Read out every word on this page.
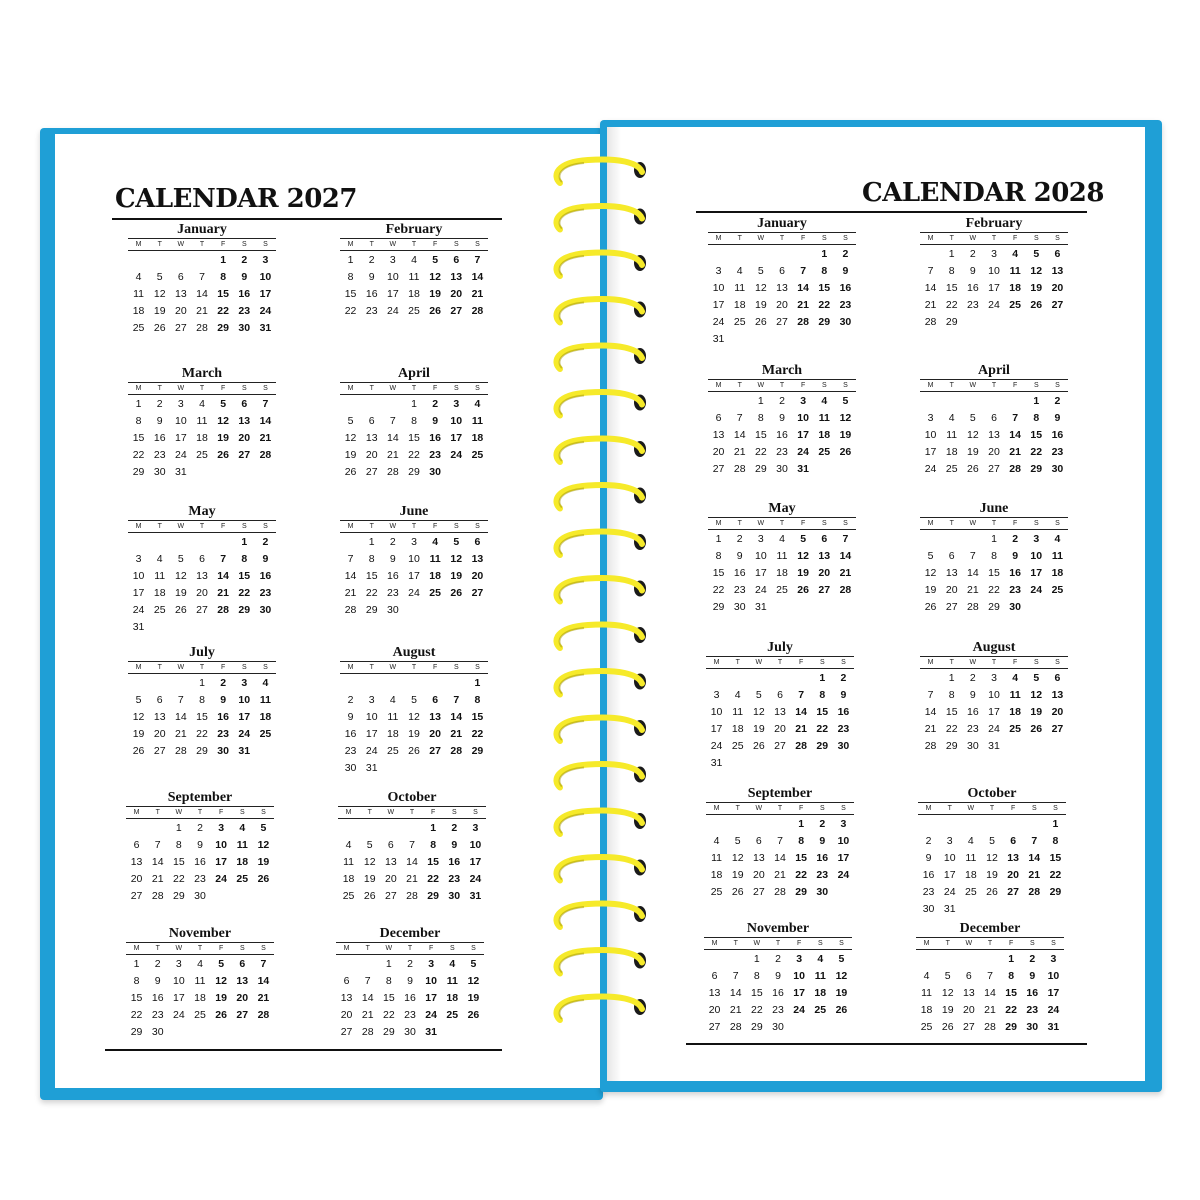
CALENDAR 2027	CALENDAR 2028
January
M	T	W	T	F	S	S
				1	2	3
4	5	6	7	8	9	10
11	12	13	14	15	16	17
18	19	20	21	22	23	24
25	26	27	28	29	30	31
February
M	T	W	T	F	S	S
1	2	3	4	5	6	7
8	9	10	11	12	13	14
15	16	17	18	19	20	21
22	23	24	25	26	27	28
March
M	T	W	T	F	S	S
1	2	3	4	5	6	7
8	9	10	11	12	13	14
15	16	17	18	19	20	21
22	23	24	25	26	27	28
29	30	31				
April
M	T	W	T	F	S	S
			1	2	3	4
5	6	7	8	9	10	11
12	13	14	15	16	17	18
19	20	21	22	23	24	25
26	27	28	29	30		
May
M	T	W	T	F	S	S
					1	2
3	4	5	6	7	8	9
10	11	12	13	14	15	16
17	18	19	20	21	22	23
24	25	26	27	28	29	30
31						
June
M	T	W	T	F	S	S
	1	2	3	4	5	6
7	8	9	10	11	12	13
14	15	16	17	18	19	20
21	22	23	24	25	26	27
28	29	30				
July
M	T	W	T	F	S	S
			1	2	3	4
5	6	7	8	9	10	11
12	13	14	15	16	17	18
19	20	21	22	23	24	25
26	27	28	29	30	31	
August
M	T	W	T	F	S	S
						1
2	3	4	5	6	7	8
9	10	11	12	13	14	15
16	17	18	19	20	21	22
23	24	25	26	27	28	29
30	31					
September
M	T	W	T	F	S	S
		1	2	3	4	5
6	7	8	9	10	11	12
13	14	15	16	17	18	19
20	21	22	23	24	25	26
27	28	29	30			
October
M	T	W	T	F	S	S
				1	2	3
4	5	6	7	8	9	10
11	12	13	14	15	16	17
18	19	20	21	22	23	24
25	26	27	28	29	30	31
November
M	T	W	T	F	S	S
1	2	3	4	5	6	7
8	9	10	11	12	13	14
15	16	17	18	19	20	21
22	23	24	25	26	27	28
29	30					
December
M	T	W	T	F	S	S
		1	2	3	4	5
6	7	8	9	10	11	12
13	14	15	16	17	18	19
20	21	22	23	24	25	26
27	28	29	30	31		
January
M	T	W	T	F	S	S
					1	2
3	4	5	6	7	8	9
10	11	12	13	14	15	16
17	18	19	20	21	22	23
24	25	26	27	28	29	30
31						
February
M	T	W	T	F	S	S
	1	2	3	4	5	6
7	8	9	10	11	12	13
14	15	16	17	18	19	20
21	22	23	24	25	26	27
28	29					
March
M	T	W	T	F	S	S
		1	2	3	4	5
6	7	8	9	10	11	12
13	14	15	16	17	18	19
20	21	22	23	24	25	26
27	28	29	30	31		
April
M	T	W	T	F	S	S
					1	2
3	4	5	6	7	8	9
10	11	12	13	14	15	16
17	18	19	20	21	22	23
24	25	26	27	28	29	30
May
M	T	W	T	F	S	S
1	2	3	4	5	6	7
8	9	10	11	12	13	14
15	16	17	18	19	20	21
22	23	24	25	26	27	28
29	30	31				
June
M	T	W	T	F	S	S
			1	2	3	4
5	6	7	8	9	10	11
12	13	14	15	16	17	18
19	20	21	22	23	24	25
26	27	28	29	30		
July
M	T	W	T	F	S	S
					1	2
3	4	5	6	7	8	9
10	11	12	13	14	15	16
17	18	19	20	21	22	23
24	25	26	27	28	29	30
31						
August
M	T	W	T	F	S	S
	1	2	3	4	5	6
7	8	9	10	11	12	13
14	15	16	17	18	19	20
21	22	23	24	25	26	27
28	29	30	31			
September
M	T	W	T	F	S	S
				1	2	3
4	5	6	7	8	9	10
11	12	13	14	15	16	17
18	19	20	21	22	23	24
25	26	27	28	29	30	
October
M	T	W	T	F	S	S
						1
2	3	4	5	6	7	8
9	10	11	12	13	14	15
16	17	18	19	20	21	22
23	24	25	26	27	28	29
30	31					
November
M	T	W	T	F	S	S
		1	2	3	4	5
6	7	8	9	10	11	12
13	14	15	16	17	18	19
20	21	22	23	24	25	26
27	28	29	30			
December
M	T	W	T	F	S	S
				1	2	3
4	5	6	7	8	9	10
11	12	13	14	15	16	17
18	19	20	21	22	23	24
25	26	27	28	29	30	31
